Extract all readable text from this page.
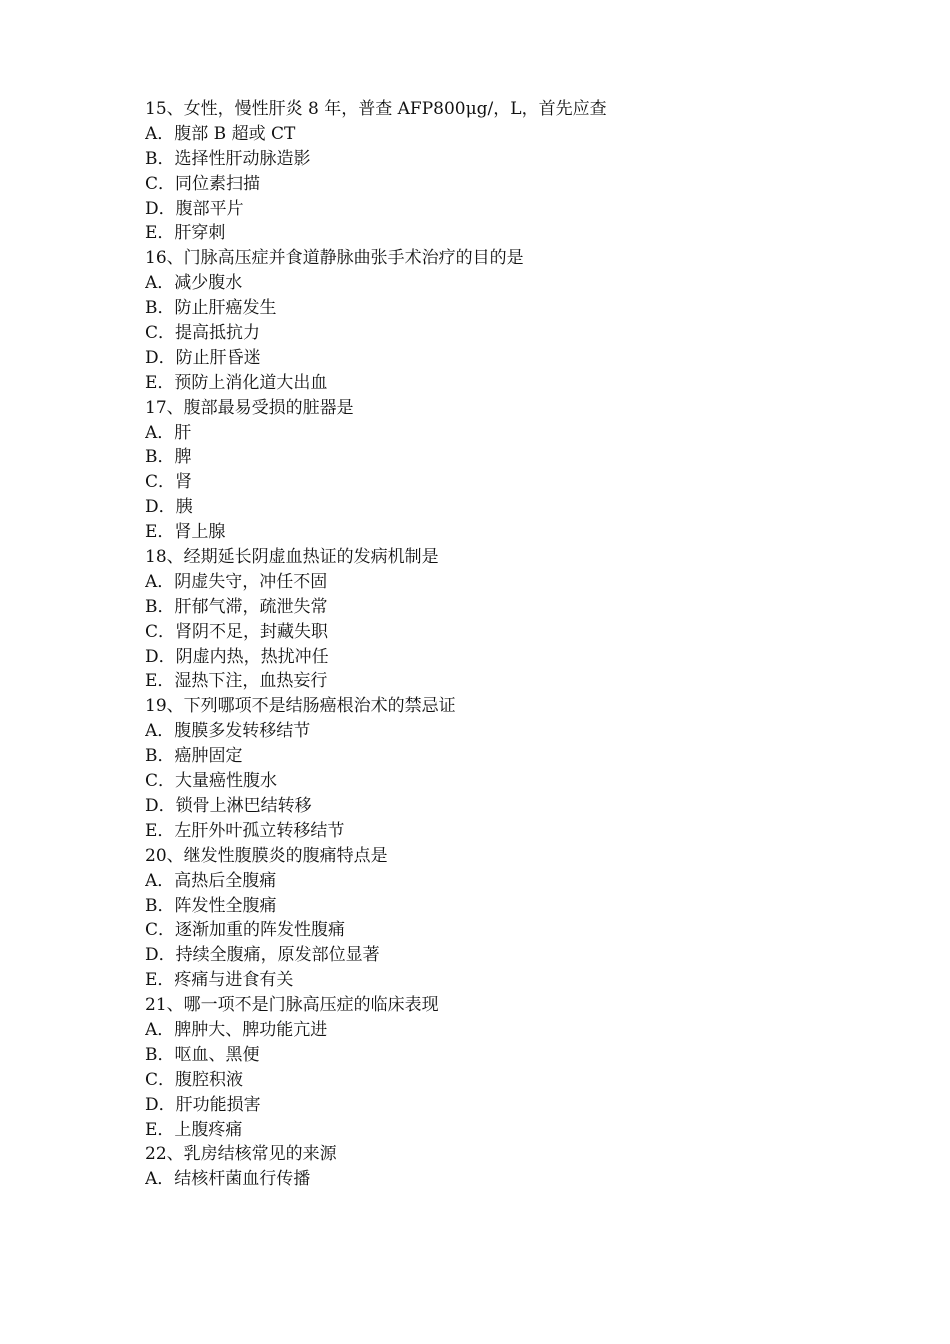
15、女性，慢性肝炎 8 年，普查 AFP800μg/，L，首先应查
A．腹部 B 超或 CT
B．选择性肝动脉造影
C．同位素扫描
D．腹部平片
E．肝穿刺
16、门脉高压症并食道静脉曲张手术治疗的目的是
A．减少腹水
B．防止肝癌发生
C．提高抵抗力
D．防止肝昏迷
E．预防上消化道大出血
17、腹部最易受损的脏器是
A．肝
B．脾
C．肾
D．胰
E．肾上腺
18、经期延长阴虚血热证的发病机制是
A．阴虚失守，冲任不固
B．肝郁气滞，疏泄失常
C．肾阴不足，封藏失职
D．阴虚内热，热扰冲任
E．湿热下注，血热妄行
19、下列哪项不是结肠癌根治术的禁忌证
A．腹膜多发转移结节
B．癌肿固定
C．大量癌性腹水
D．锁骨上淋巴结转移
E．左肝外叶孤立转移结节
20、继发性腹膜炎的腹痛特点是
A．高热后全腹痛
B．阵发性全腹痛
C．逐渐加重的阵发性腹痛
D．持续全腹痛，原发部位显著
E．疼痛与进食有关
21、哪一项不是门脉高压症的临床表现
A．脾肿大、脾功能亢进
B．呕血、黑便
C．腹腔积液
D．肝功能损害
E．上腹疼痛
22、乳房结核常见的来源
A．结核杆菌血行传播
